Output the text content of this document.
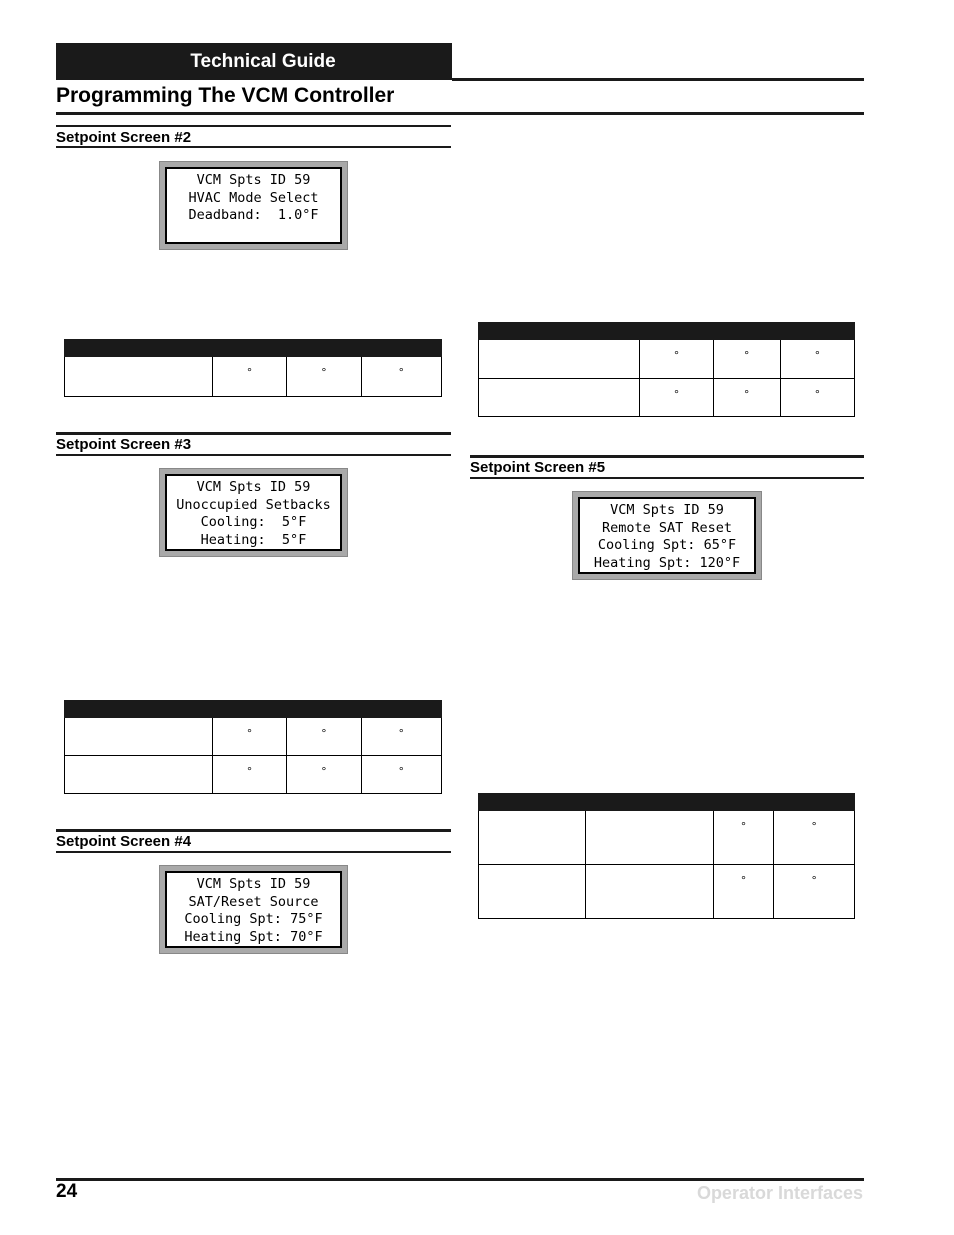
Technical Guide
Programming The VCM Controller
Setpoint Screen #2
VCM Spts ID 59
HVAC Mode Select
Deadband:  1.0°F

	°	°	°
Setpoint Screen #3
VCM Spts ID 59
Unoccupied Setbacks
Cooling:  5°F
Heating:  5°F

	°	°	°
	°	°	°
Setpoint Screen #4
VCM Spts ID 59
SAT/Reset Source
Cooling Spt: 75°F
Heating Spt: 70°F

	°	°	°
	°	°	°
Setpoint Screen #5
VCM Spts ID 59
Remote SAT Reset
Cooling Spt: 65°F
Heating Spt: 120°F

		°	°
		°	°
24	Operator Interfaces
